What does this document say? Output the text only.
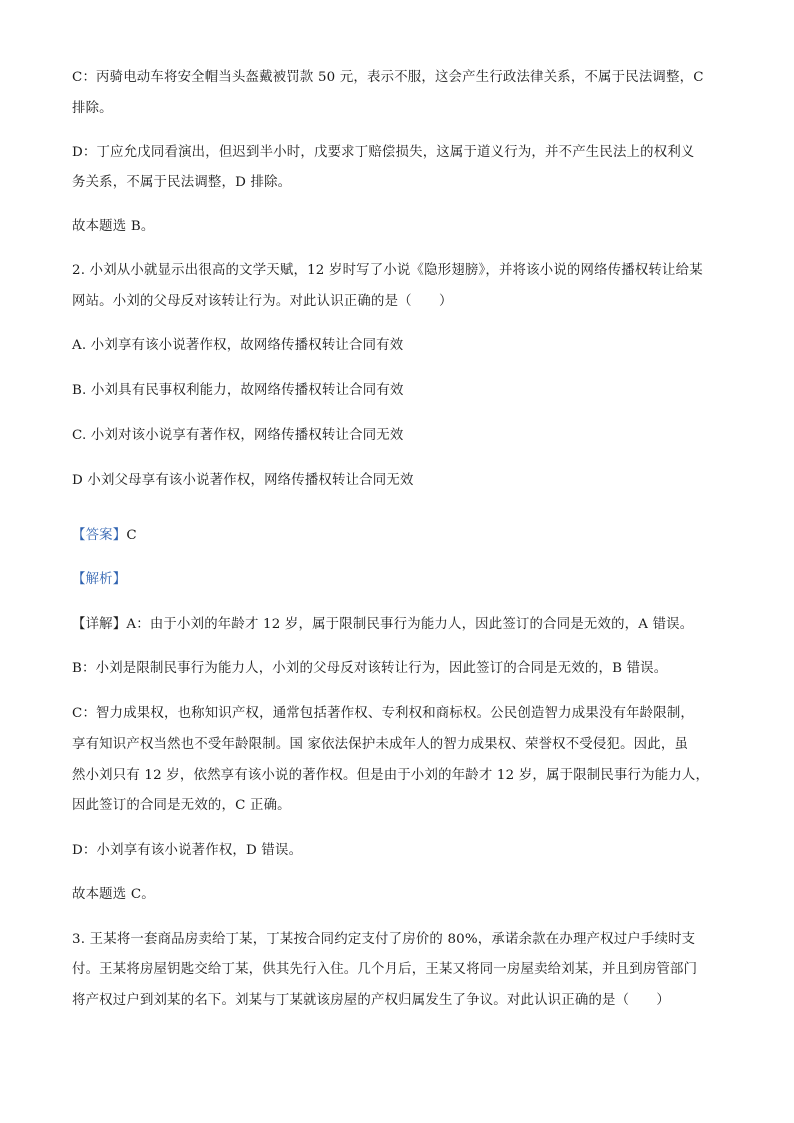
C：丙骑电动车将安全帽当头盔戴被罚款 50 元，表示不服，这会产生行政法律关系，不属于民法调整，C
排除。
D：丁应允戊同看演出，但迟到半小时，戊要求丁赔偿损失，这属于道义行为，并不产生民法上的权利义
务关系，不属于民法调整，D 排除。
故本题选 B。
2. 小刘从小就显示出很高的文学天赋，12 岁时写了小说《隐形翅膀》，并将该小说的网络传播权转让给某
网站。小刘的父母反对该转让行为。对此认识正确的是（　　）
A. 小刘享有该小说著作权，故网络传播权转让合同有效
B. 小刘具有民事权利能力，故网络传播权转让合同有效
C. 小刘对该小说享有著作权，网络传播权转让合同无效
D 小刘父母享有该小说著作权，网络传播权转让合同无效
【答案】C
【解析】
【详解】A：由于小刘的年龄才 12 岁，属于限制民事行为能力人，因此签订的合同是无效的，A 错误。
B：小刘是限制民事行为能力人，小刘的父母反对该转让行为，因此签订的合同是无效的，B 错误。
C：智力成果权，也称知识产权，通常包括著作权、专利权和商标权。公民创造智力成果没有年龄限制，
享有知识产权当然也不受年龄限制。国 家依法保护未成年人的智力成果权、荣誉权不受侵犯。因此，虽
然小刘只有 12 岁，依然享有该小说的著作权。但是由于小刘的年龄才 12 岁，属于限制民事行为能力人，
因此签订的合同是无效的，C 正确。
D：小刘享有该小说著作权，D 错误。
故本题选 C。
3. 王某将一套商品房卖给丁某，丁某按合同约定支付了房价的 80%，承诺余款在办理产权过户手续时支
付。王某将房屋钥匙交给丁某，供其先行入住。几个月后，王某又将同一房屋卖给刘某，并且到房管部门
将产权过户到刘某的名下。刘某与丁某就该房屋的产权归属发生了争议。对此认识正确的是（　　）
